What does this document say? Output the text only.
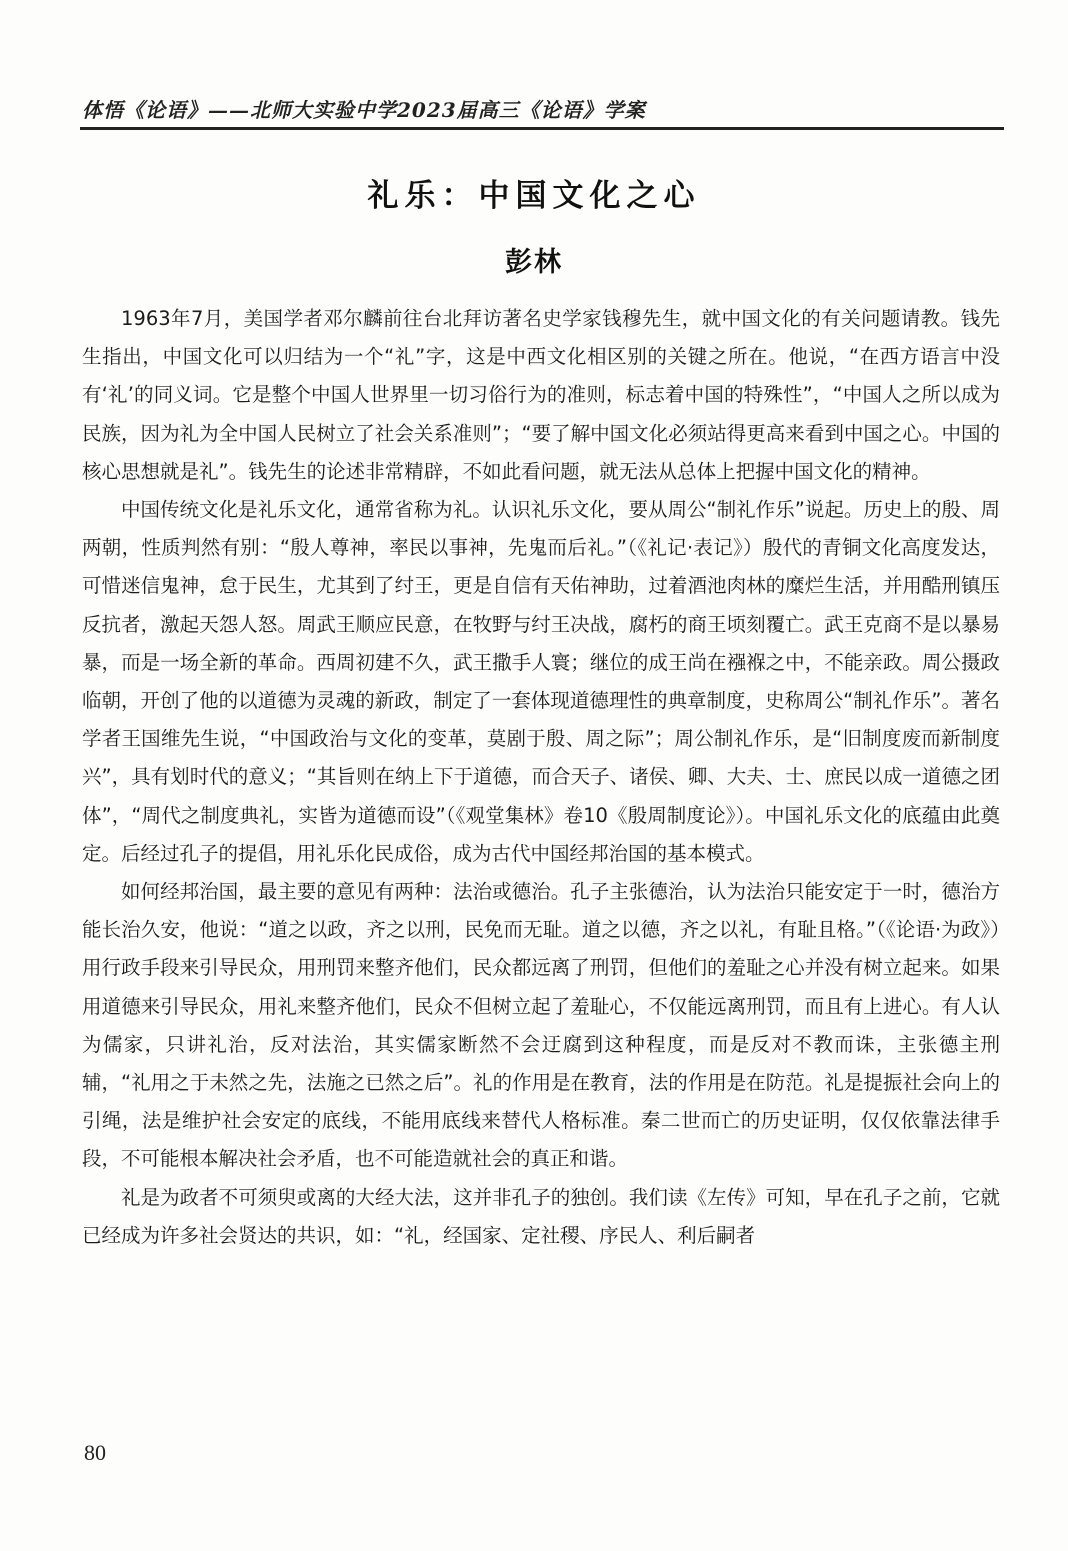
体悟《论语》——北师大实验中学2023届高三《论语》学案
礼乐：中国文化之心
彭林

1963年7月，美国学者邓尔麟前往台北拜访著名史学家钱穆先生，就中国文化的有关问题请教。钱先生指出，中国文化可以归结为一个“礼”字，这是中西文化相区别的关键之所在。他说，“在西方语言中没有‘礼’的同义词。它是整个中国人世界里一切习俗行为的准则，标志着中国的特殊性”，“中国人之所以成为民族，因为礼为全中国人民树立了社会关系准则”；“要了解中国文化必须站得更高来看到中国之心。中国的核心思想就是礼”。钱先生的论述非常精辟，不如此看问题，就无法从总体上把握中国文化的精神。

中国传统文化是礼乐文化，通常省称为礼。认识礼乐文化，要从周公“制礼作乐”说起。历史上的殷、周两朝，性质判然有别：“殷人尊神，率民以事神，先鬼而后礼。”（《礼记·表记》）殷代的青铜文化高度发达，可惜迷信鬼神，怠于民生，尤其到了纣王，更是自信有天佑神助，过着酒池肉林的糜烂生活，并用酷刑镇压反抗者，激起天怨人怒。周武王顺应民意，在牧野与纣王决战，腐朽的商王顷刻覆亡。武王克商不是以暴易暴，而是一场全新的革命。西周初建不久，武王撒手人寰；继位的成王尚在襁褓之中，不能亲政。周公摄政临朝，开创了他的以道德为灵魂的新政，制定了一套体现道德理性的典章制度，史称周公“制礼作乐”。著名学者王国维先生说，“中国政治与文化的变革，莫剧于殷、周之际”；周公制礼作乐，是“旧制度废而新制度兴”，具有划时代的意义；“其旨则在纳上下于道德，而合天子、诸侯、卿、大夫、士、庶民以成一道德之团体”，“周代之制度典礼，实皆为道德而设”（《观堂集林》卷10《殷周制度论》）。中国礼乐文化的底蕴由此奠定。后经过孔子的提倡，用礼乐化民成俗，成为古代中国经邦治国的基本模式。

如何经邦治国，最主要的意见有两种：法治或德治。孔子主张德治，认为法治只能安定于一时，德治方能长治久安，他说：“道之以政，齐之以刑，民免而无耻。道之以德，齐之以礼，有耻且格。”（《论语·为政》）用行政手段来引导民众，用刑罚来整齐他们，民众都远离了刑罚，但他们的羞耻之心并没有树立起来。如果用道德来引导民众，用礼来整齐他们，民众不但树立起了羞耻心，不仅能远离刑罚，而且有上进心。有人认为儒家，只讲礼治，反对法治，其实儒家断然不会迂腐到这种程度，而是反对不教而诛，主张德主刑辅，“礼用之于未然之先，法施之已然之后”。礼的作用是在教育，法的作用是在防范。礼是提振社会向上的引绳，法是维护社会安定的底线，不能用底线来替代人格标准。秦二世而亡的历史证明，仅仅依靠法律手段，不可能根本解决社会矛盾，也不可能造就社会的真正和谐。

礼是为政者不可须臾或离的大经大法，这并非孔子的独创。我们读《左传》可知，早在孔子之前，它就已经成为许多社会贤达的共识，如：“礼，经国家、定社稷、序民人、利后嗣者

80
